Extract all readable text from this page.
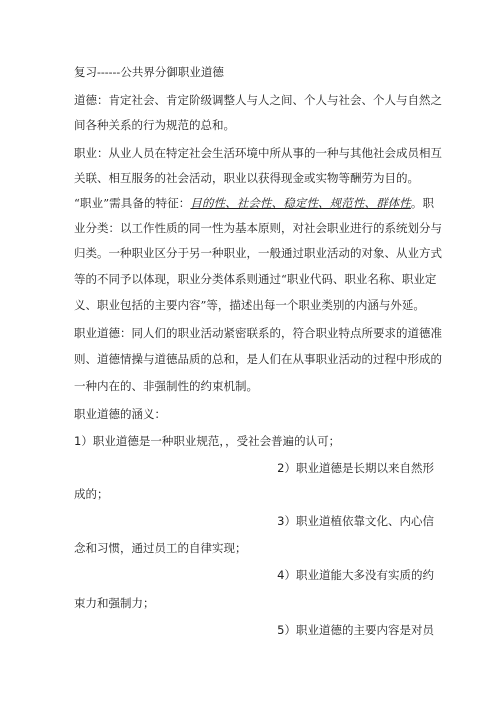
复习------公共界分御职业道德
道德：肯定社会、肯定阶级调整人与人之间、个人与社会、个人与自然之
间各种关系的行为规范的总和。
职业：从业人员在特定社会生活环境中所从事的一种与其他社会成员相互
关联、相互服务的社会活动，职业以获得现金或实物等酬劳为目的。
“职业”需具备的特征：目的性、社会性、稳定性、规范性、群体性。职
业分类：以工作性质的同一性为基本原则，对社会职业进行的系统划分与
归类。一种职业区分于另一种职业，一般通过职业活动的对象、从业方式
等的不同予以体现，职业分类体系则通过“职业代码、职业名称、职业定
义、职业包括的主要内容”等，描述出每一个职业类别的内涵与外延。
职业道德：同人们的职业活动紧密联系的，符合职业特点所要求的道德准
则、道德情操与道德品质的总和，是人们在从事职业活动的过程中形成的
一种内在的、非强制性的约束机制。
职业道德的涵义：
1）职业道德是一种职业规范，，受社会普遍的认可；
2）职业道德是长期以来自然形
成的；
3）职业道植依靠文化、内心信
念和习惯，通过员工的自律实现；
4）职业道能大多没有实质的约
束力和强制力；
5）职业道德的主要内容是对员
